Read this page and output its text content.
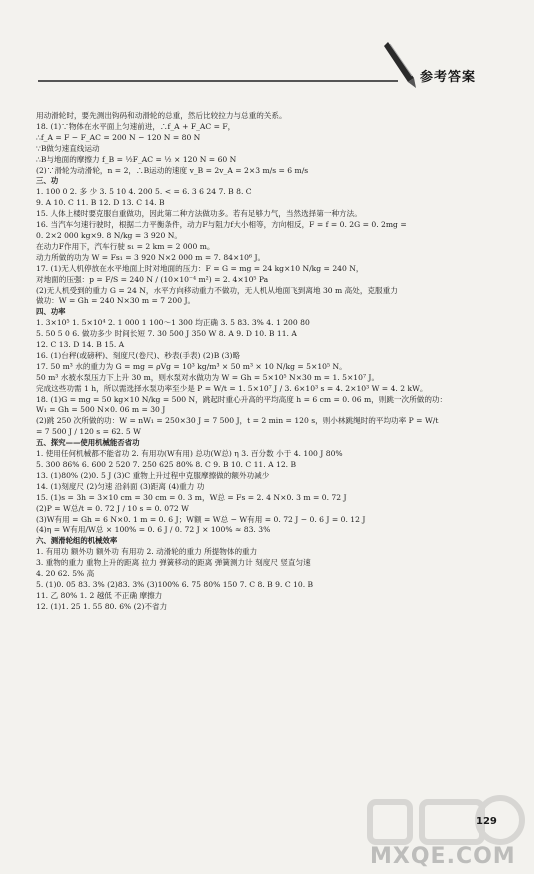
参考答案
用动滑轮时，要先测出钩码和动滑轮的总重，然后比较拉力与总重的关系。
18. (1)∵物体在水平面上匀速前进，∴f_A + F_AC = F，
∴f_A = F − F_AC = 200 N − 120 N = 80 N
∵B做匀速直线运动
∴B与地面的摩擦力 f_B = ½F_AC = ½ × 120 N = 60 N
(2)∵滑轮为动滑轮，n = 2，∴B运动的速度 v_B = 2v_A = 2×3 m/s = 6 m/s
三、功
1. 100 0 2. 多 少 3. 5 10 4. 200 5. < = 6. 3 6 24 7. B 8. C
9. A 10. C 11. B 12. D 13. C 14. B
15. 人体上楼时要克服自重做功，因此第二种方法做功多。若有足够力气，当然选择第一种方法。
16. 当汽车匀速行驶时，根据二力平衡条件，动力F与阻力f大小相等，方向相反，F = f = 0. 2G = 0. 2mg =
0. 2×2 000 kg×9. 8 N/kg = 3 920 N。
在动力F作用下，汽车行驶 s₁ = 2 km = 2 000 m。
动力所做的功为 W = Fs₁ = 3 920 N×2 000 m = 7. 84×10⁶ J。
17. (1)无人机停放在水平地面上时对地面的压力：F = G = mg = 24 kg×10 N/kg = 240 N，
对地面的压强：p = F/S = 240 N / (10×10⁻⁴ m²) = 2. 4×10⁵ Pa
(2)无人机受到的重力 G = 24 N，水平方向移动重力不做功，无人机从地面飞到离地 30 m 高处，克服重力
做功：W = Gh = 240 N×30 m = 7 200 J。
四、功率
1. 3×10⁵ 1. 5×10⁴ 2. 1 000 1 100～1 300 均正确 3. 5 83. 3% 4. 1 200 80
5. 50 5 0 6. 做功多少 时间长短 7. 30 500 J 350 W 8. A 9. D 10. B 11. A
12. C 13. D 14. B 15. A
16. (1)台秤(或磅秤)、刻度尺(卷尺)、秒表(手表) (2)B (3)略
17. 50 m³ 水的重力为 G = mg = ρVg = 10³ kg/m³ × 50 m³ × 10 N/kg = 5×10⁵ N。
50 m³ 水被水泵压力下上升 30 m，则水泵对水做功为 W = Gh = 5×10⁵ N×30 m = 1. 5×10⁷ J。
完成这些功需 1 h，所以需选择水泵功率至少是 P = W/t = 1. 5×10⁷ J / 3. 6×10³ s = 4. 2×10³ W = 4. 2 kW。
18. (1)G = mg = 50 kg×10 N/kg = 500 N，跳起时重心升高的平均高度 h = 6 cm = 0. 06 m，则跳一次所做的功：
W₁ = Gh = 500 N×0. 06 m = 30 J
(2)跳 250 次所做的功：W = nW₁ = 250×30 J = 7 500 J，t = 2 min = 120 s，则小林跳绳时的平均功率 P = W/t
= 7 500 J / 120 s = 62. 5 W
五、探究——使用机械能否省功
1. 使用任何机械都不能省功 2. 有用功(W有用) 总功(W总) η 3. 百分数 小于 4. 100 J 80%
5. 300 86% 6. 600 2 520 7. 250 625 80% 8. C 9. B 10. C 11. A 12. B
13. (1)80% (2)0. 5 J (3)C 重物上升过程中克服摩擦做的额外功减少
14. (1)刻度尺 (2)匀速 沿斜面 (3)距离 (4)重力 功
15. (1)s = 3h = 3×10 cm = 30 cm = 0. 3 m，W总 = Fs = 2. 4 N×0. 3 m = 0. 72 J
(2)P = W总/t = 0. 72 J / 10 s = 0. 072 W
(3)W有用 = Gh = 6 N×0. 1 m = 0. 6 J；W额 = W总 − W有用 = 0. 72 J − 0. 6 J = 0. 12 J
(4)η = W有用/W总 × 100% = 0. 6 J / 0. 72 J × 100% ≈ 83. 3%
六、测滑轮组的机械效率
1. 有用功 额外功 额外功 有用功 2. 动滑轮的重力 所提物体的重力
3. 重物的重力 重物上升的距离 拉力 弹簧移动的距离 弹簧测力计 刻度尺 竖直匀速
4. 20 62. 5% 高
5. (1)0. 05 83. 3% (2)83. 3% (3)100% 6. 75 80% 150 7. C 8. B 9. C 10. B
11. 乙 80% 1. 2 越低 不正确 摩擦力
12. (1)1. 25 1. 55 80. 6% (2)不省力
MXQE.COM
129
